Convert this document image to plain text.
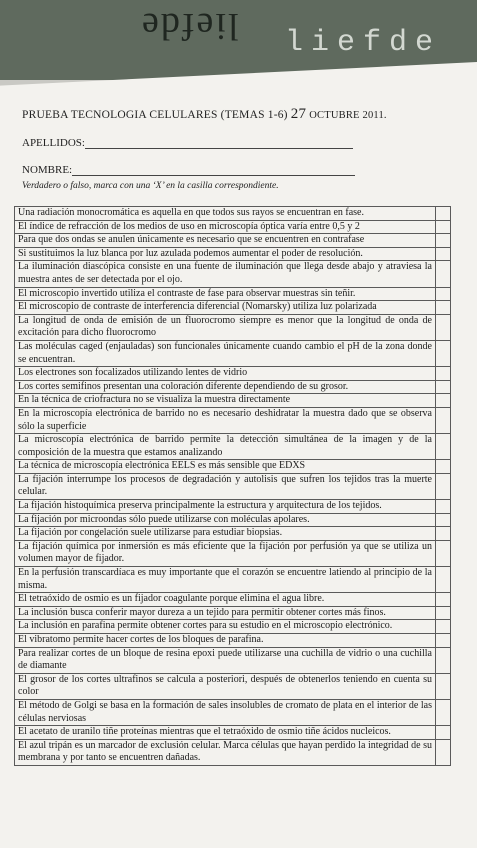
liefde liefde
PRUEBA TECNOLOGIA CELULARES (TEMAS 1-6) 27 OCTUBRE 2011.
APELLIDOS:
NOMBRE:
Verdadero o falso, marca con una ‘X’ en la casilla correspondiente.
Una radiación monocromática es aquella en que todos sus rayos se encuentran en fase.	
El índice de refracción de los medios de uso en microscopía óptica varía entre 0,5 y 2	
Para que dos ondas se anulen únicamente es necesario que se encuentren en contrafase	
Si sustituimos la luz blanca por luz azulada podemos aumentar el poder de resolución.	
La iluminación diascópica consiste en una fuente de iluminación que llega desde abajo y atraviesa la muestra antes de ser detectada por el ojo.	
El microscopio invertido utiliza el contraste de fase para observar muestras sin teñir.	
El microscopio de contraste de interferencia diferencial (Nomarsky) utiliza luz polarizada	
La longitud de onda de emisión de un fluorocromo siempre es menor que la longitud de onda de excitación para dicho fluorocromo	
Las moléculas caged (enjauladas) son funcionales únicamente cuando cambio el pH de la zona donde se encuentran.	
Los electrones son focalizados utilizando lentes de vidrio	
Los cortes semifinos presentan una coloración diferente dependiendo de su grosor.	
En la técnica de criofractura no se visualiza la muestra directamente	
En la microscopía electrónica de barrido no es necesario deshidratar la muestra dado que se observa sólo la superficie	
La microscopía electrónica de barrido permite la detección simultánea de la imagen y de la composición de la muestra que estamos analizando	
La técnica de microscopía electrónica EELS es más sensible que EDXS	
La fijación interrumpe los procesos de degradación y autolisis que sufren los tejidos tras la muerte celular.	
La fijación histoquímica preserva principalmente la estructura y arquitectura de los tejidos.	
La fijación por microondas sólo puede utilizarse con moléculas apolares.	
La fijación por congelación suele utilizarse para estudiar biopsias.	
La fijación química por inmersión es más eficiente que la fijación por perfusión ya que se utiliza un volumen mayor de fijador.	
En la perfusión transcardíaca es muy importante que el corazón se encuentre latiendo al principio de la misma.	
El tetraóxido de osmio es un fijador coagulante porque elimina el agua libre.	
La inclusión busca conferir mayor dureza a un tejido para permitir obtener cortes más finos.	
La inclusión en parafina permite obtener cortes para su estudio en el microscopio electrónico.	
El vibratomo permite hacer cortes de los bloques de parafina.	
Para realizar cortes de un bloque de resina epoxi puede utilizarse una cuchilla de vidrio o una cuchilla de diamante	
El grosor de los cortes ultrafinos se calcula a posteriori, después de obtenerlos teniendo en cuenta su color	
El método de Golgi se basa en la formación de sales insolubles de cromato de plata en el interior de las células nerviosas	
El acetato de uranilo tiñe proteínas mientras que el tetraóxido de osmio tiñe ácidos nucleicos.	
El azul tripán es un marcador de exclusión celular. Marca células que hayan perdido la integridad de su membrana y por tanto se encuentren dañadas.	
